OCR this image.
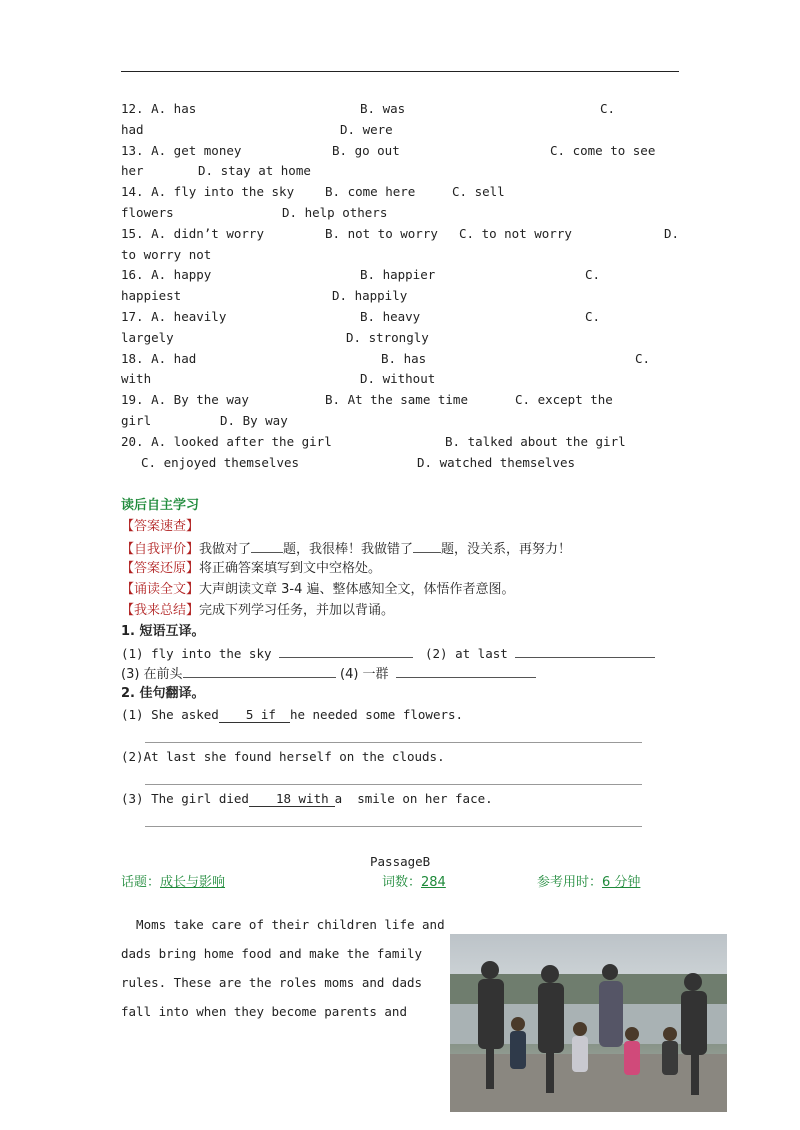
12. A. has	B. was	C.
had	D. were
13. A. get money	B. go out	C. come to see
her	D. stay at home
14. A. fly into the sky B. come here	C. sell
flowers	D. help others
15. A. didn’t worry	B. not to worry C. to not worry	D.
to worry not
16. A. happy	B. happier	C.
happiest	D. happily
17. A. heavily	B. heavy	C.
largely	D. strongly
18. A. had	B. has	C.
with	D. without
19. A. By the way	B. At the same time	C. except the
girl	D. By way
20. A. looked after the girl	B. talked about the girl
C. enjoyed themselves	D. watched themselves
读后自主学习
【答案速查】
【自我评价】我做对了 题，我很棒！我做错了 题，没关系，再努力！
【答案还原】将正确答案填写到文中空格处。
【诵读全文】大声朗读文章 3-4 遍、整体感知全文，体悟作者意图。
【我来总结】完成下列学习任务，并加以背诵。
1. 短语互译。
(1) fly into the sky	(2) at last
(3) 在前头	(4) 一群
2. 佳句翻译。
(1) She asked 5 if he needed some flowers.
(2)At last she found herself on the clouds.
(3) The girl died 18 with a  smile on her face.
PassageB
话题：成长与影响	词数：284	参考用时：6 分钟
Moms take care of their children life and
dads bring home food and make the family
rules. These are the roles moms and dads
fall into when they become parents and
